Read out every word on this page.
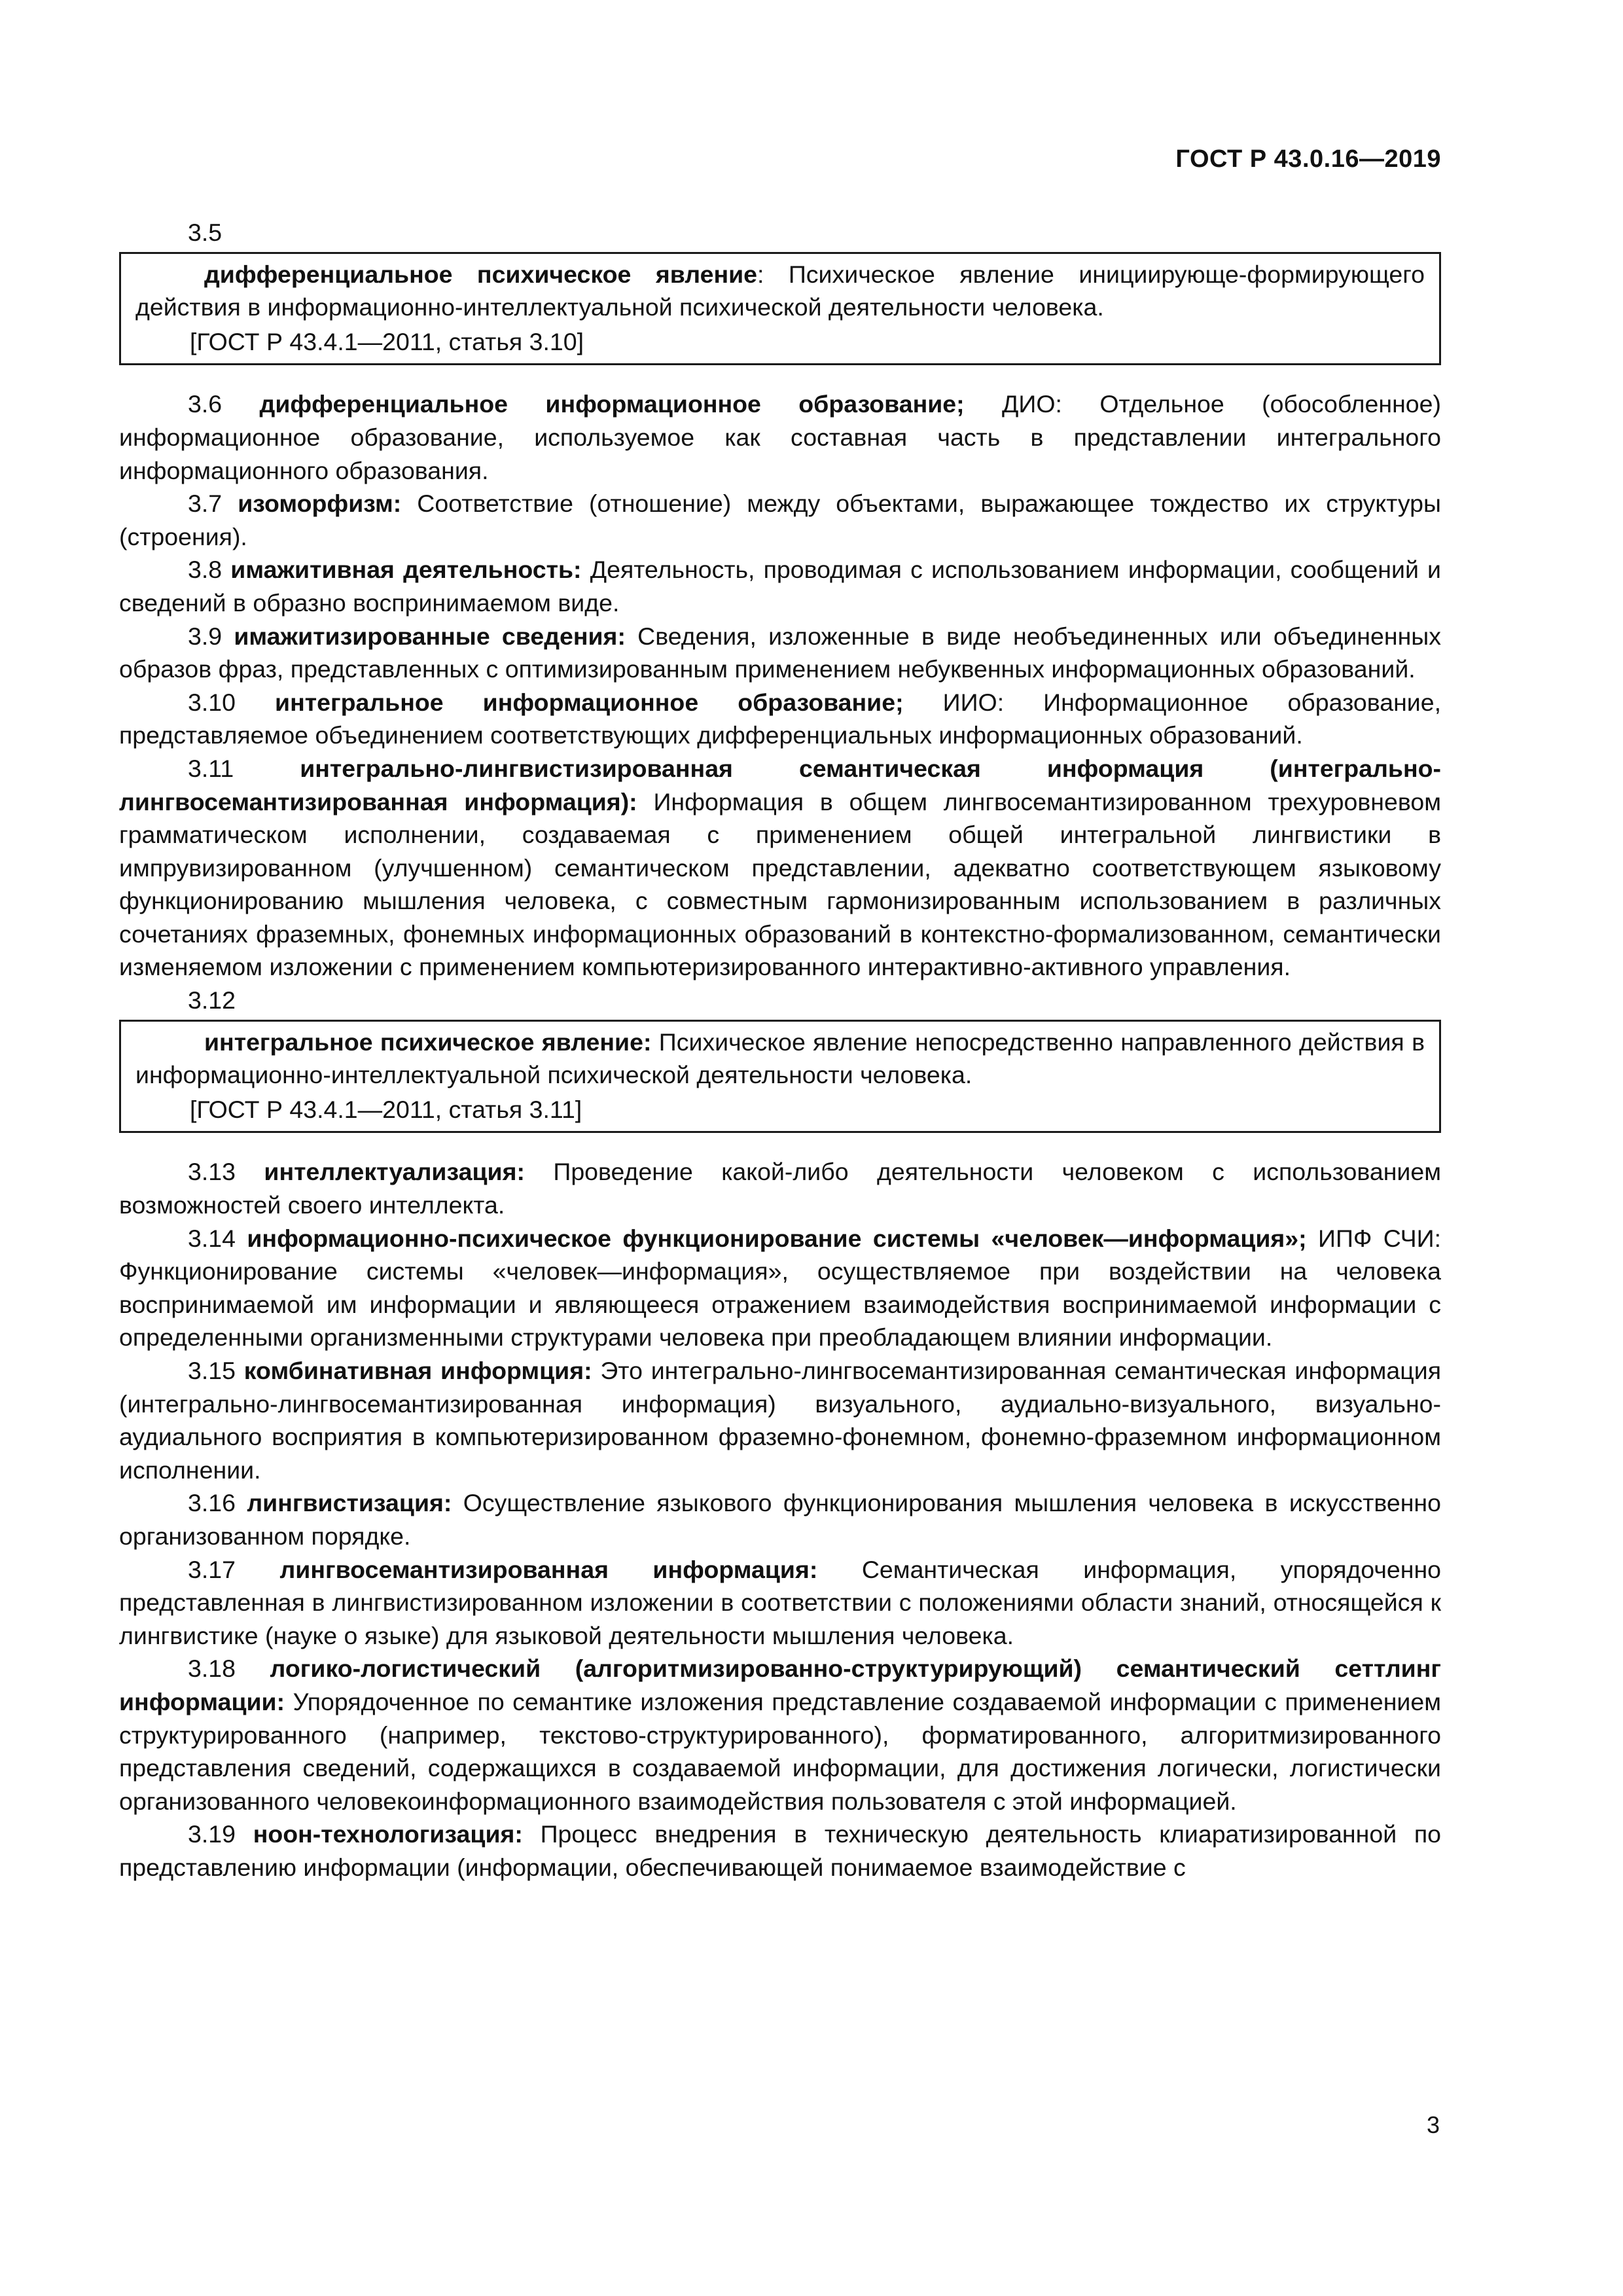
ГОСТ Р 43.0.16—2019
3.5

дифференциальное психическое явление: Психическое явление инициирующе-формирующего действия в информационно-интеллектуальной психической деятельности человека.

[ГОСТ Р 43.4.1—2011, статья 3.10]

3.6 дифференциальное информационное образование; ДИО: Отдельное (обособленное) информационное образование, используемое как составная часть в представлении интегрального информационного образования.

3.7 изоморфизм: Соответствие (отношение) между объектами, выражающее тождество их структуры (строения).

3.8 имажитивная деятельность: Деятельность, проводимая с использованием информации, сообщений и сведений в образно воспринимаемом виде.

3.9 имажитизированные сведения: Сведения, изложенные в виде необъединенных или объединенных образов фраз, представленных с оптимизированным применением небуквенных информационных образований.

3.10 интегральное информационное образование; ИИО: Информационное образование, представляемое объединением соответствующих дифференциальных информационных образований.

3.11 интегрально-лингвистизированная семантическая информация (интегрально-лингвосемантизированная информация): Информация в общем лингвосемантизированном трехуровневом грамматическом исполнении, создаваемая с применением общей интегральной лингвистики в импрувизированном (улучшенном) семантическом представлении, адекватно соответствующем языковому функционированию мышления человека, с совместным гармонизированным использованием в различных сочетаниях фраземных, фонемных информационных образований в контекстно-формализованном, семантически изменяемом изложении с применением компьютеризированного интерактивно-активного управления.

3.12

интегральное психическое явление: Психическое явление непосредственно направленного действия в информационно-интеллектуальной психической деятельности человека.

[ГОСТ Р 43.4.1—2011, статья 3.11]

3.13 интеллектуализация: Проведение какой-либо деятельности человеком с использованием возможностей своего интеллекта.

3.14 информационно-психическое функционирование системы «человек—информация»; ИПФ СЧИ: Функционирование системы «человек—информация», осуществляемое при воздействии на человека воспринимаемой им информации и являющееся отражением взаимодействия воспринимаемой информации с определенными организменными структурами человека при преобладающем влиянии информации.

3.15 комбинативная информция: Это интегрально-лингвосемантизированная семантическая информация (интегрально-лингвосемантизированная информация) визуального, аудиально-визуального, визуально-аудиального восприятия в компьютеризированном фраземно-фонемном, фонемно-фраземном информационном исполнении.

3.16 лингвистизация: Осуществление языкового функционирования мышления человека в искусственно организованном порядке.

3.17 лингвосемантизированная информация: Семантическая информация, упорядоченно представленная в лингвистизированном изложении в соответствии с положениями области знаний, относящейся к лингвистике (науке о языке) для языковой деятельности мышления человека.

3.18 логико-логистический (алгоритмизированно-структурирующий) семантический сеттлинг информации: Упорядоченное по семантике изложения представление создаваемой информации с применением структурированного (например, текстово-структурированного), форматированного, алгоритмизированного представления сведений, содержащихся в создаваемой информации, для достижения логически, логистически организованного человекоинформационного взаимодействия пользователя с этой информацией.

3.19 ноон-технологизация: Процесс внедрения в техническую деятельность клиаратизированной по представлению информации (информации, обеспечивающей понимаемое взаимодействие с

3
